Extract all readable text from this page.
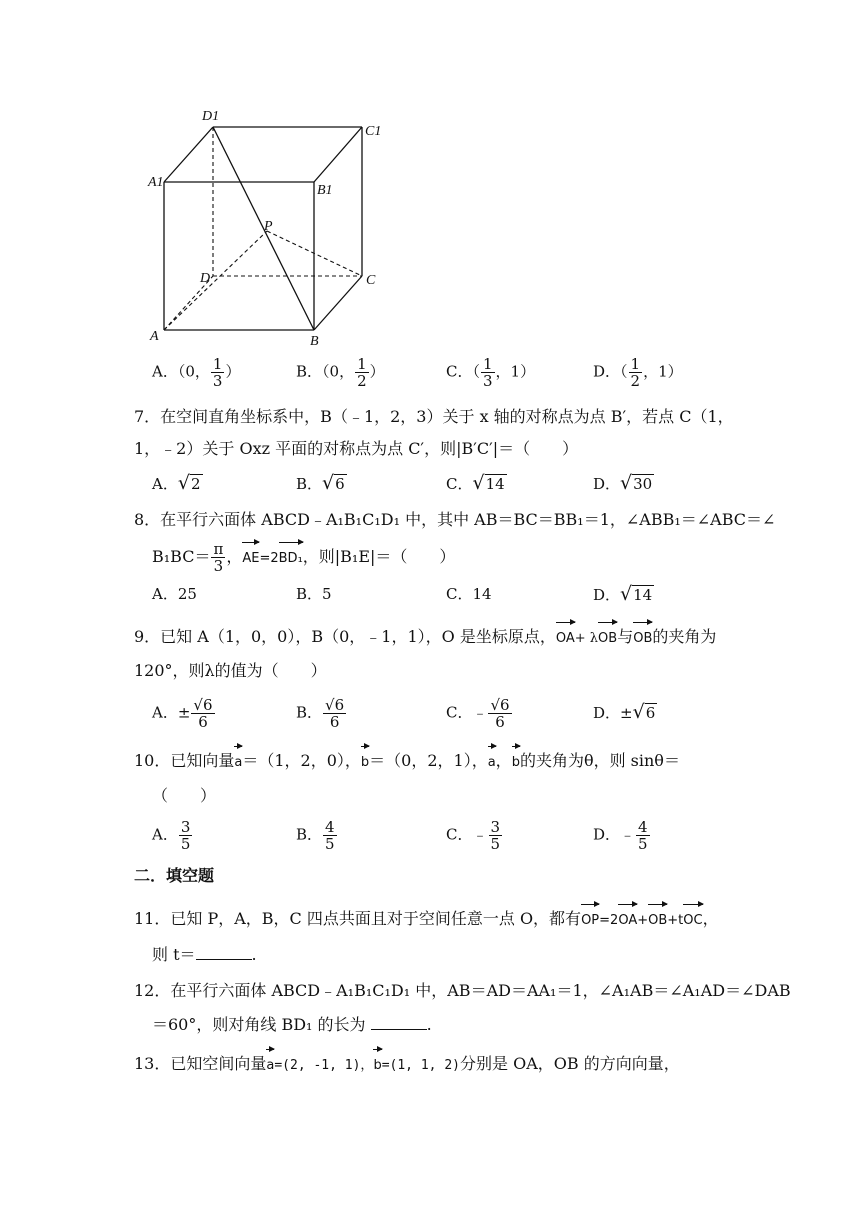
D1
C1
A1
B1
P
D	C
A	B
A．（0， $\frac{1}{3}$ ）	B．（0， $\frac{1}{2}$ ）	C．（ $\frac{1}{3}$ ，1）	D．（ $\frac{1}{2}$ ，1）
7．在空间直角坐标系中，B（﹣1，2，3）关于 x 轴的对称点为点 B′，若点 C（1，
1，﹣2）关于 Oxz 平面的对称点为点 C′，则|B′C′|＝（　　）
A．√2	B．√6	C．√14	D．√30
8．在平行六面体 ABCD﹣A₁B₁C₁D₁ 中，其中 AB＝BC＝BB₁＝1，∠ABB₁＝∠ABC＝∠
$B_1BC= \frac{\pi}{3}$ ，AE=2BD₁，则|B₁E|＝（　　）
A．25	B．5	C．14	D．√14
9．已知 A（1，0，0），B（0，﹣1，1），O 是坐标原点，OA+ λOB与OB的夹角为
120°，则λ的值为（　　）
A．± $\frac{√6}{6}$	B． $\frac{√6}{6}$	C．﹣ $\frac{√6}{6}$	D．±√6
10．已知向量a＝（1，2，0），b＝（0，2，1），a，b的夹角为θ，则 sinθ＝
（　　）
A． $\frac{3}{5}$	B． $\frac{4}{5}$	C．﹣ $\frac{3}{5}$	D．﹣ $\frac{4}{5}$
二．填空题
11．已知 P，A，B，C 四点共面且对于空间任意一点 O，都有OP=2OA+OB+tOC，
则 t＝	.
12．在平行六面体 ABCD﹣A₁B₁C₁D₁ 中，AB＝AD＝AA₁＝1，∠A₁AB＝∠A₁AD＝∠DAB
＝60°，则对角线 BD₁ 的长为	.
13．已知空间向量a=(2, -1, 1)，b=(1, 1, 2)分别是 OA，OB 的方向向量，
